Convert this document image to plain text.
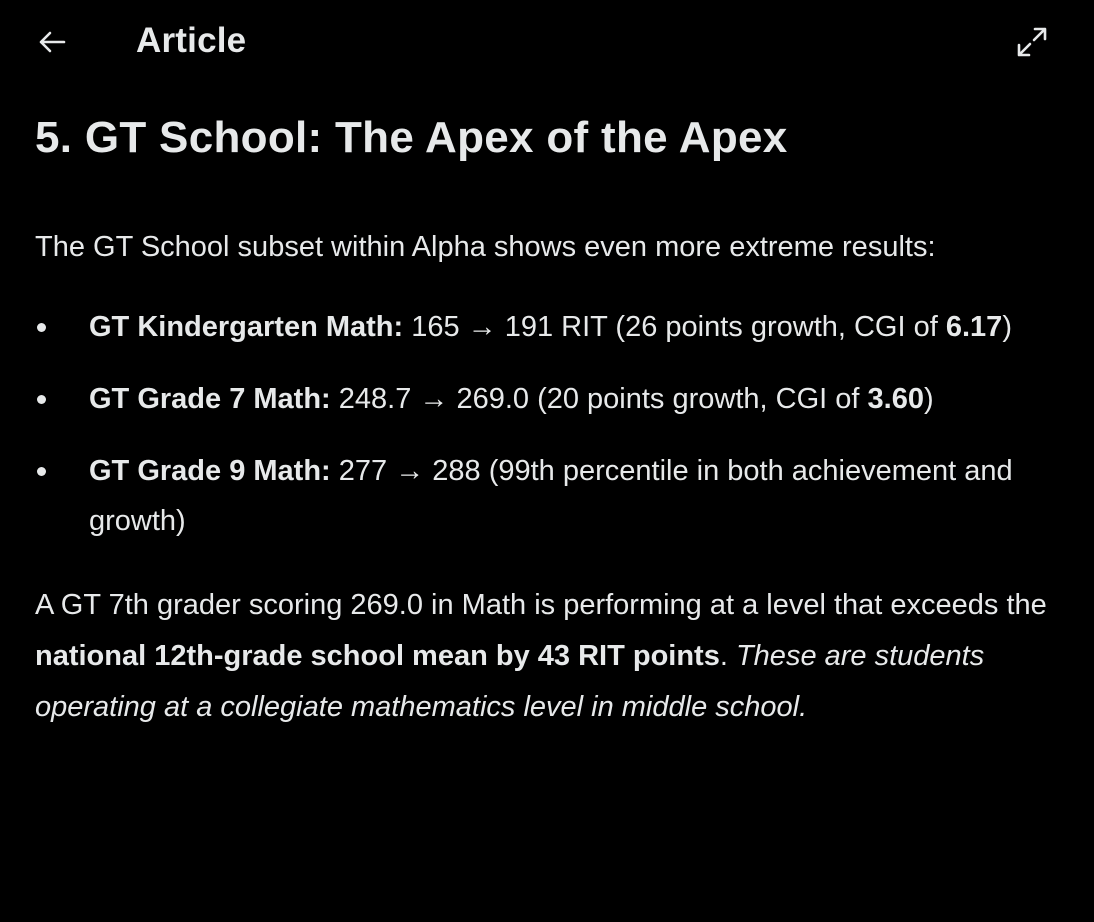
Article
5. GT School: The Apex of the Apex

The GT School subset within Alpha shows even more extreme results:

GT Kindergarten Math: 165 → 191 RIT (26 points growth, CGI of 6.17)
GT Grade 7 Math: 248.7 → 269.0 (20 points growth, CGI of 3.60)
GT Grade 9 Math: 277 → 288 (99th percentile in both achievement and growth)

A GT 7th grader scoring 269.0 in Math is performing at a level that exceeds the national 12th-grade school mean by 43 RIT points. These are students operating at a collegiate mathematics level in middle school.
